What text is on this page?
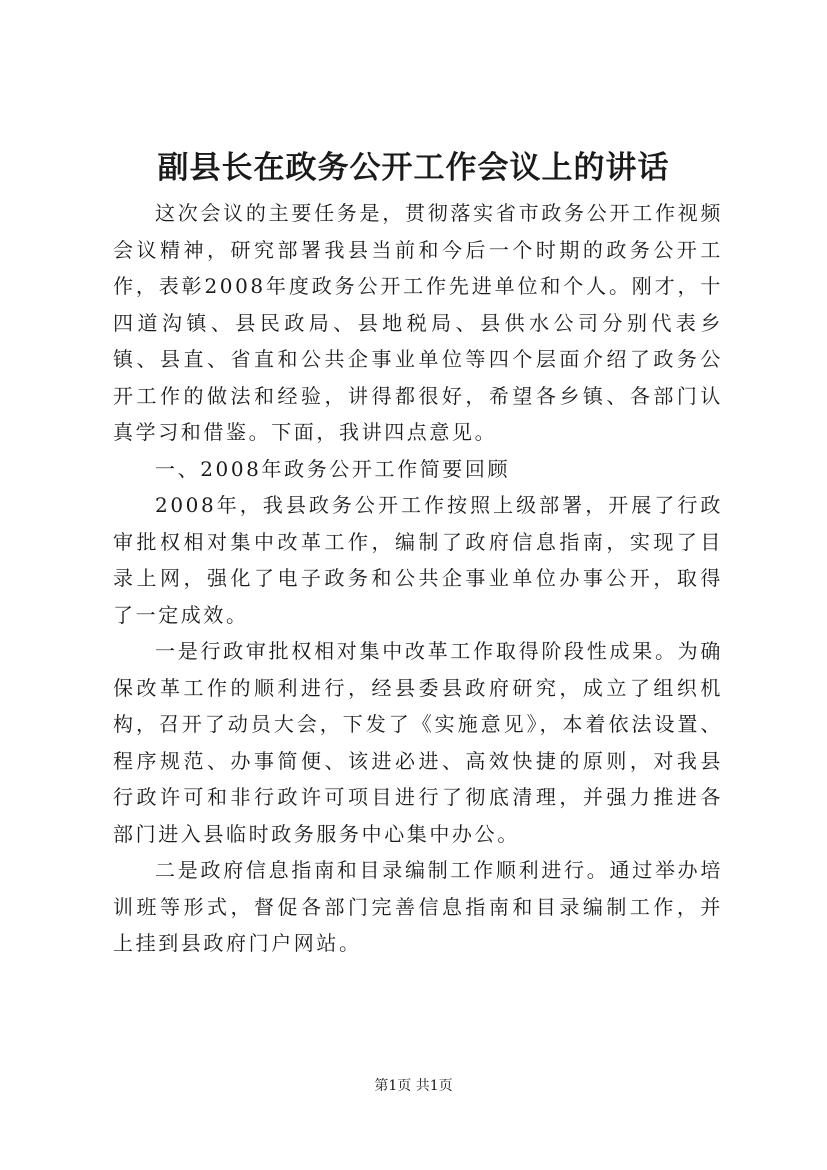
副县长在政务公开工作会议上的讲话

这次会议的主要任务是，贯彻落实省市政务公开工作视频会议精神，研究部署我县当前和今后一个时期的政务公开工作，表彰2008年度政务公开工作先进单位和个人。刚才，十四道沟镇、县民政局、县地税局、县供水公司分别代表乡镇、县直、省直和公共企事业单位等四个层面介绍了政务公开工作的做法和经验，讲得都很好，希望各乡镇、各部门认真学习和借鉴。下面，我讲四点意见。

一、2008年政务公开工作简要回顾

2008年，我县政务公开工作按照上级部署，开展了行政审批权相对集中改革工作，编制了政府信息指南，实现了目录上网，强化了电子政务和公共企事业单位办事公开，取得了一定成效。

一是行政审批权相对集中改革工作取得阶段性成果。为确保改革工作的顺利进行，经县委县政府研究，成立了组织机构，召开了动员大会，下发了《实施意见》，本着依法设置、程序规范、办事简便、该进必进、高效快捷的原则，对我县行政许可和非行政许可项目进行了彻底清理，并强力推进各部门进入县临时政务服务中心集中办公。

二是政府信息指南和目录编制工作顺利进行。通过举办培训班等形式，督促各部门完善信息指南和目录编制工作，并上挂到县政府门户网站。

第1页 共1页
